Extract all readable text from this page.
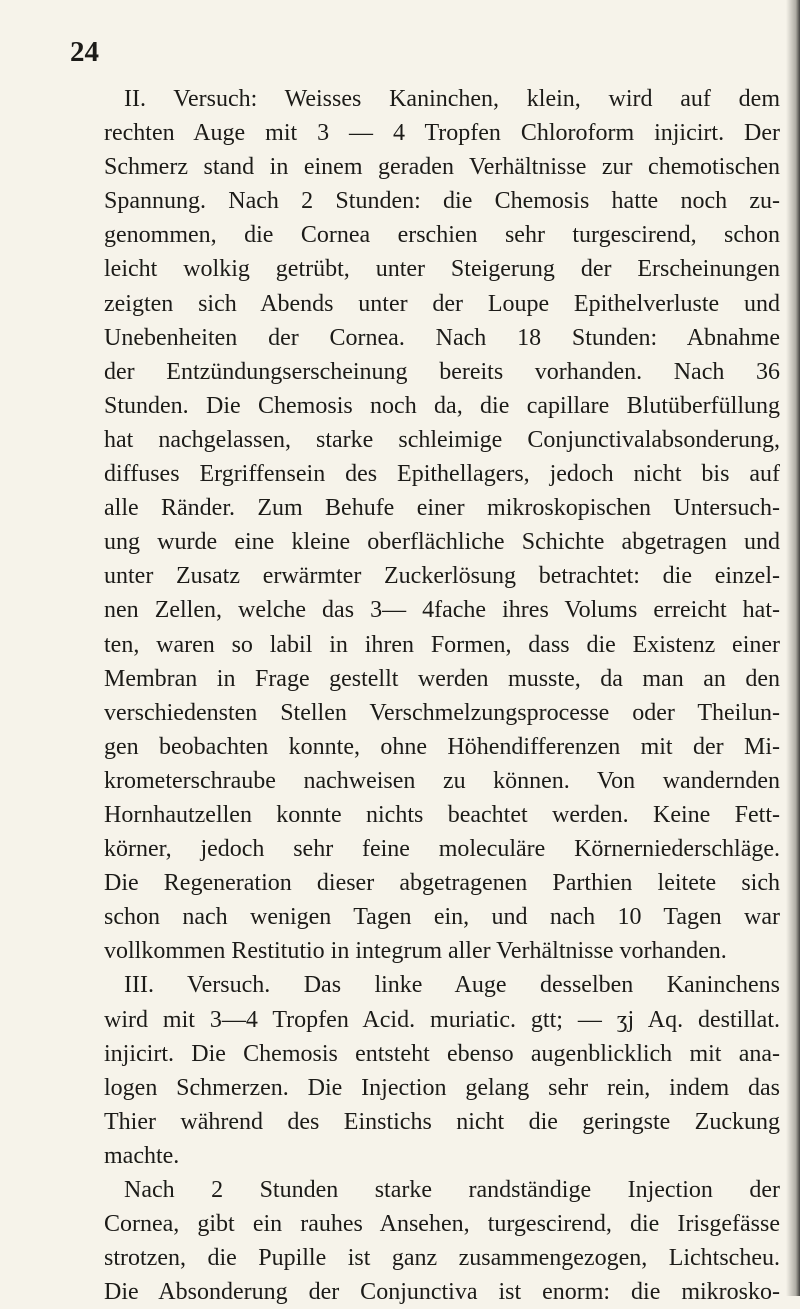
24
II. Versuch: Weisses Kaninchen, klein, wird auf dem
rechten Auge mit 3 — 4 Tropfen Chloroform injicirt. Der
Schmerz stand in einem geraden Verhältnisse zur chemotischen
Spannung. Nach 2 Stunden: die Chemosis hatte noch zu-
genommen, die Cornea erschien sehr turgescirend, schon
leicht wolkig getrübt, unter Steigerung der Erscheinungen
zeigten sich Abends unter der Loupe Epithelverluste und
Unebenheiten der Cornea. Nach 18 Stunden: Abnahme
der Entzündungserscheinung bereits vorhanden. Nach 36
Stunden. Die Chemosis noch da, die capillare Blutüberfüllung
hat nachgelassen, starke schleimige Conjunctivalabsonderung,
diffuses Ergriffensein des Epithellagers, jedoch nicht bis auf
alle Ränder. Zum Behufe einer mikroskopischen Untersuch-
ung wurde eine kleine oberflächliche Schichte abgetragen und
unter Zusatz erwärmter Zuckerlösung betrachtet: die einzel-
nen Zellen, welche das 3— 4fache ihres Volums erreicht hat-
ten, waren so labil in ihren Formen, dass die Existenz einer
Membran in Frage gestellt werden musste, da man an den
verschiedensten Stellen Verschmelzungsprocesse oder Theilun-
gen beobachten konnte, ohne Höhendifferenzen mit der Mi-
krometerschraube nachweisen zu können. Von wandernden
Hornhautzellen konnte nichts beachtet werden. Keine Fett-
körner, jedoch sehr feine moleculäre Körnerniederschläge.
Die Regeneration dieser abgetragenen Parthien leitete sich
schon nach wenigen Tagen ein, und nach 10 Tagen war
vollkommen Restitutio in integrum aller Verhältnisse vorhanden.
III. Versuch. Das linke Auge desselben Kaninchens
wird mit 3—4 Tropfen Acid. muriatic. gtt; — ʒj Aq. destillat.
injicirt. Die Chemosis entsteht ebenso augenblicklich mit ana-
logen Schmerzen. Die Injection gelang sehr rein, indem das
Thier während des Einstichs nicht die geringste Zuckung
machte.
Nach 2 Stunden starke randständige Injection der
Cornea, gibt ein rauhes Ansehen, turgescirend, die Irisgefässe
strotzen, die Pupille ist ganz zusammengezogen, Lichtscheu.
Die Absonderung der Conjunctiva ist enorm: die mikrosko-
